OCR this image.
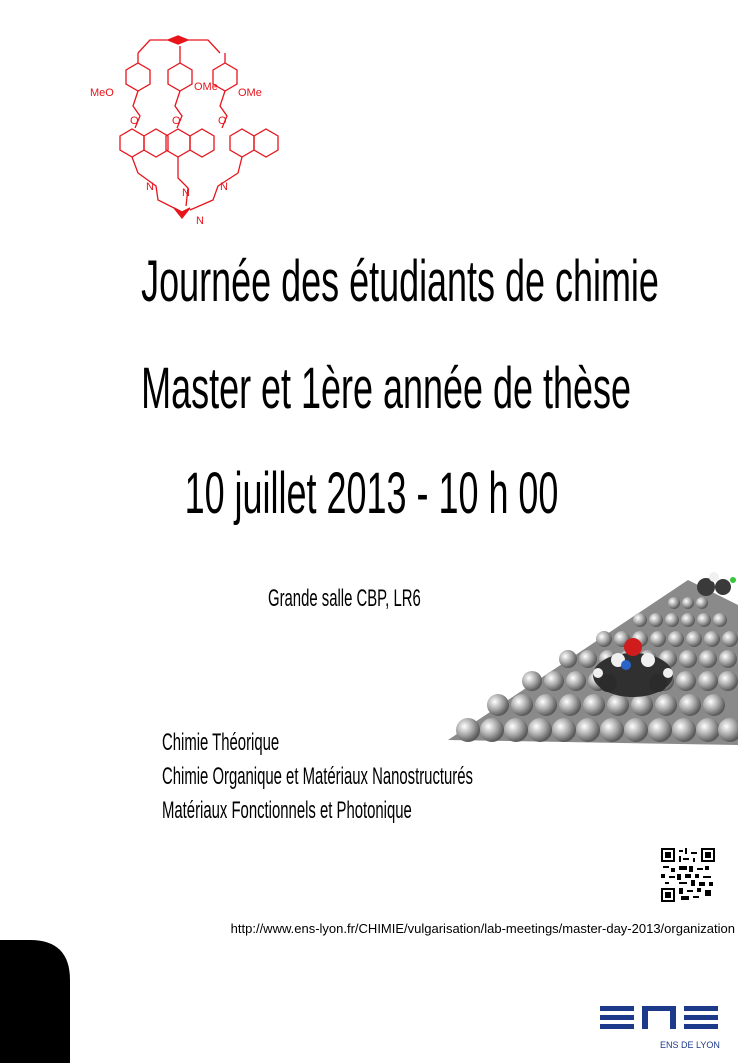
MeO	OMe OMe
O	O	O
N	N	N
N
Journée des étudiants de chimie
Master et 1ère année de thèse
10 juillet 2013 - 10 h 00
Grande salle CBP, LR6
Chimie Théorique
Chimie Organique et Matériaux Nanostructurés
Matériaux Fonctionnels et Photonique
http://www.ens-lyon.fr/CHIMIE/vulgarisation/lab-meetings/master-day-2013/organization
ENS DE LYON
